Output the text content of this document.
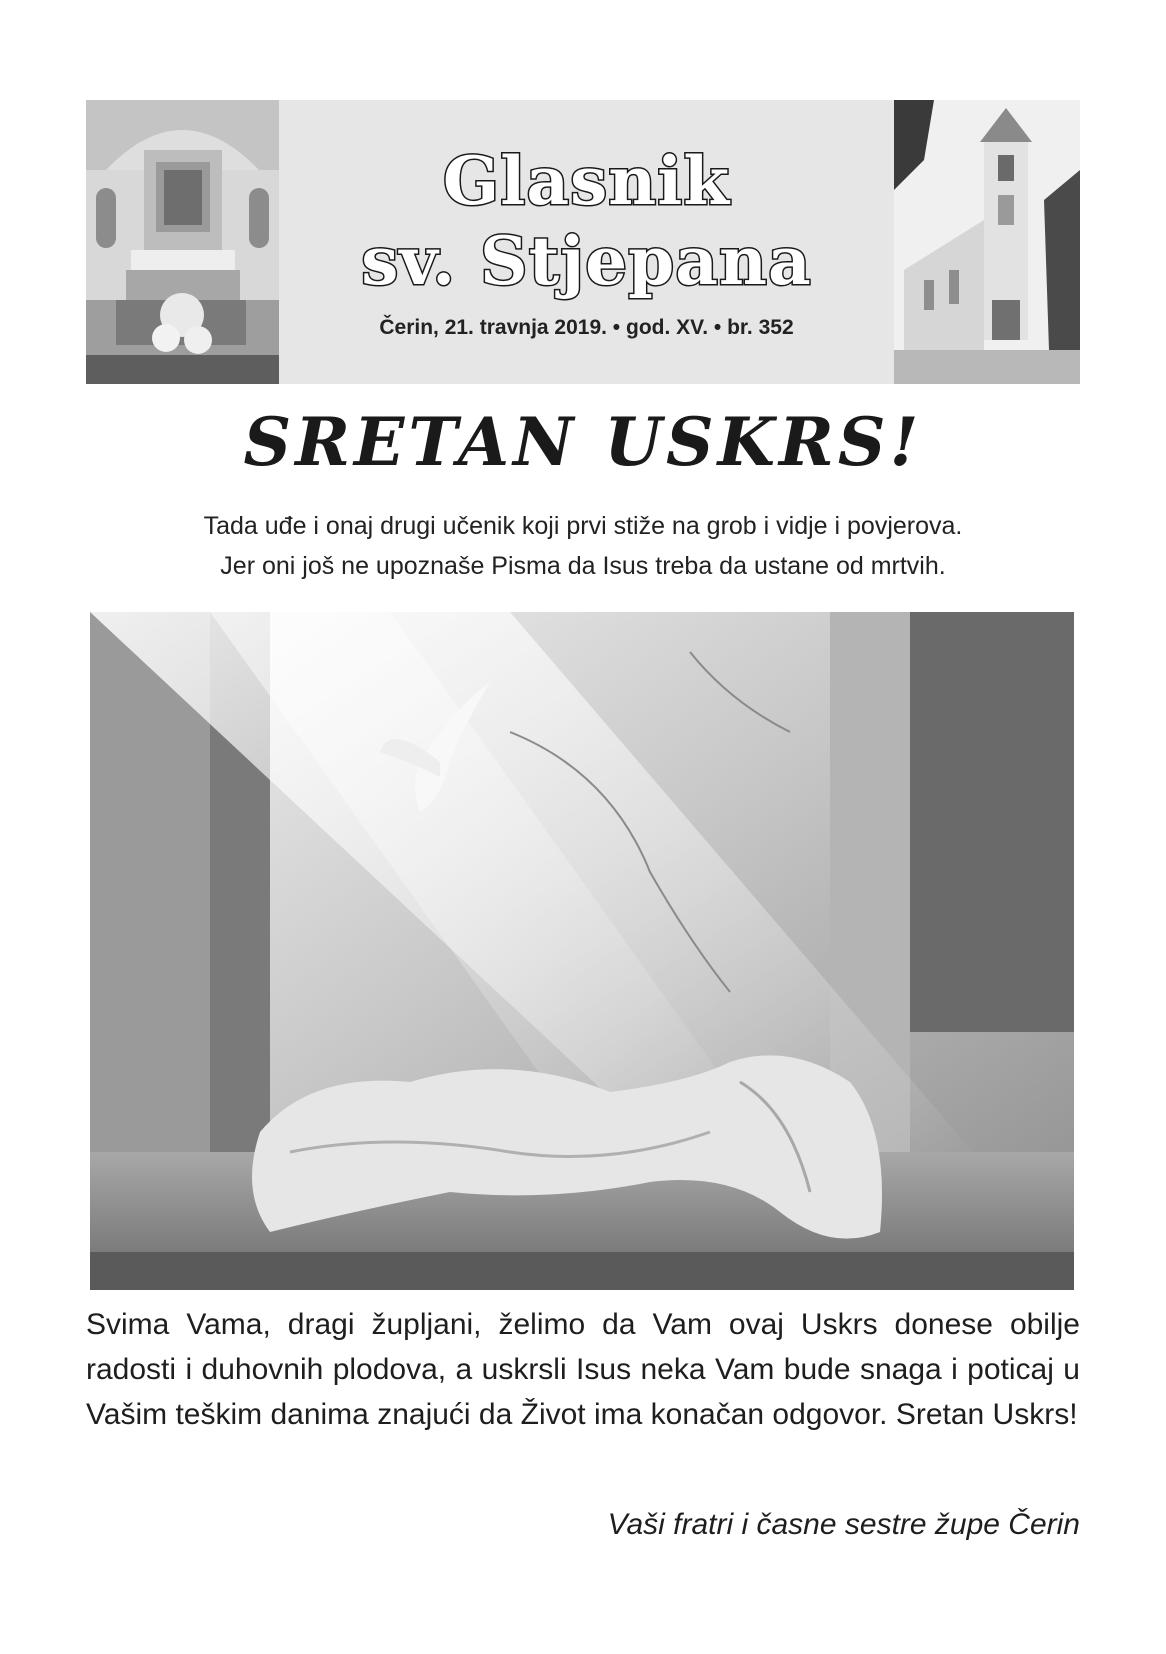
Glasnik
sv. Stjepana
Čerin, 21. travnja 2019. • god. XV. • br. 352
SRETAN USKRS!
Tada uđe i onaj drugi učenik koji prvi stiže na grob i vidje i povjerova.
Jer oni još ne upoznaše Pisma da Isus treba da ustane od mrtvih.
Svima Vama, dragi župljani, želimo da Vam ovaj Uskrs donese obilje radosti i duhovnih plodova, a uskrsli Isus neka Vam bude snaga i poticaj u Vašim teškim danima znajući da Život ima konačan odgovor. Sretan Uskrs!
Vaši fratri i časne sestre župe Čerin
